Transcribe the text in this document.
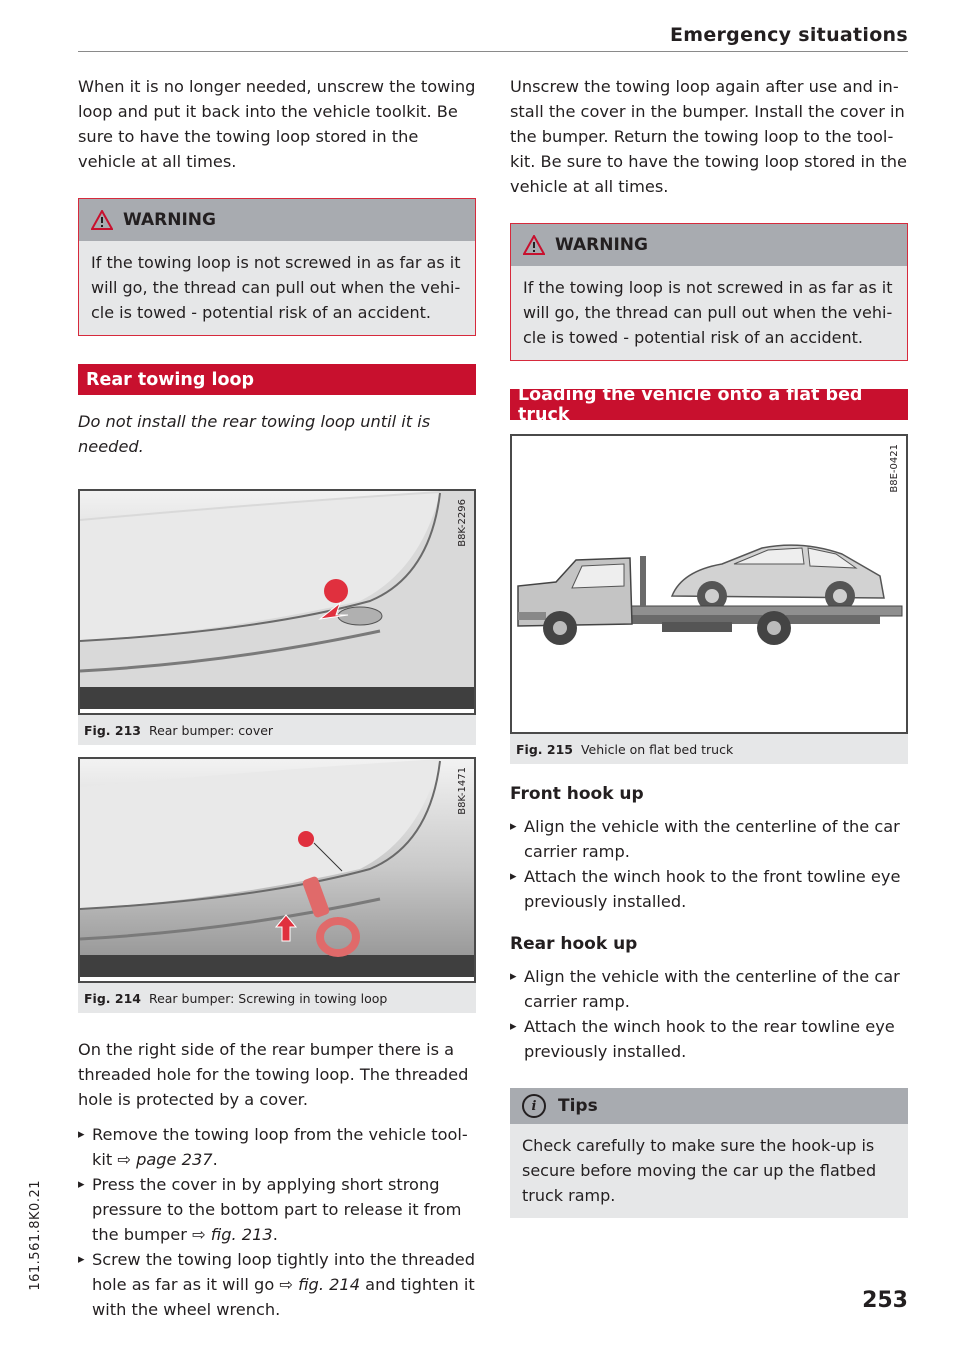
Emergency situations

When it is no longer needed, unscrew the towing loop and put it back into the vehicle toolkit. Be sure to have the towing loop stored in the vehicle at all times.

WARNING
If the towing loop is not screwed in as far as it will go, the thread can pull out when the vehicle is towed - potential risk of an accident.
Rear towing loop

Do not install the rear towing loop until it is needed.

B8K-2296
Fig. 213 Rear bumper: cover
B8K-1471
Fig. 214 Rear bumper: Screwing in towing loop

On the right side of the rear bumper there is a threaded hole for the towing loop. The threaded hole is protected by a cover.

▸ Remove the towing loop from the vehicle toolkit ⇨ page 237.
▸ Press the cover in by applying short strong pressure to the bottom part to release it from the bumper ⇨ fig. 213.
▸ Screw the towing loop tightly into the threaded hole as far as it will go ⇨ fig. 214 and tighten it with the wheel wrench.

Unscrew the towing loop again after use and install the cover in the bumper. Install the cover in the bumper. Return the towing loop to the toolkit. Be sure to have the towing loop stored in the vehicle at all times.

WARNING
If the towing loop is not screwed in as far as it will go, the thread can pull out when the vehicle is towed - potential risk of an accident.
Loading the vehicle onto a flat bed truck
B8E-0421
Fig. 215 Vehicle on flat bed truck
Front hook up
▸ Align the vehicle with the centerline of the car carrier ramp.
▸ Attach the winch hook to the front towline eye previously installed.
Rear hook up
▸ Align the vehicle with the centerline of the car carrier ramp.
▸ Attach the winch hook to the rear towline eye previously installed.
i	Tips
Check carefully to make sure the hook-up is secure before moving the car up the flatbed truck ramp.
253
161.561.8K0.21
